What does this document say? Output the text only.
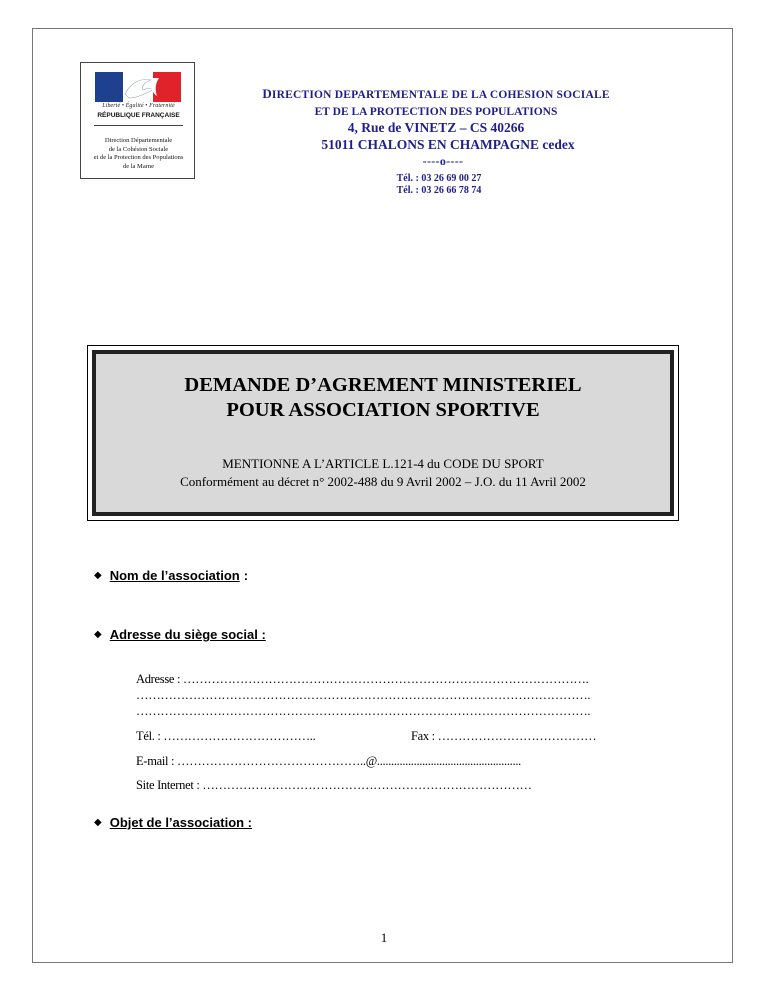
Liberté • Égalité • Fraternité
RÉPUBLIQUE FRANÇAISE
Direction Départementale
de la Cohésion Sociale
et de la Protection des Populations
de la Marne
DIRECTION DEPARTEMENTALE DE LA COHESION SOCIALE
ET DE LA PROTECTION DES POPULATIONS
4, Rue de VINETZ – CS 40266
51011 CHALONS EN CHAMPAGNE cedex
----o----
Tél. : 03 26 69 00 27
Tél. : 03 26 66 78 74
DEMANDE D’AGREMENT MINISTERIEL
POUR ASSOCIATION SPORTIVE
MENTIONNE A L’ARTICLE L.121-4 du CODE DU SPORT
Conformément au décret n° 2002-488 du 9 Avril 2002 – J.O. du 11 Avril 2002
◆ Nom de l’association :
◆ Adresse du siège social :
Adresse : ……………………………………………………………………………………….
………………………………………………………………………………………………….
………………………………………………………………………………………………….
Tél. : ………………………………..	Fax : …………………………………
E-mail : ………………………………………..@...................................................
Site Internet : ………………………………………………………………………
◆ Objet de l’association :
1
